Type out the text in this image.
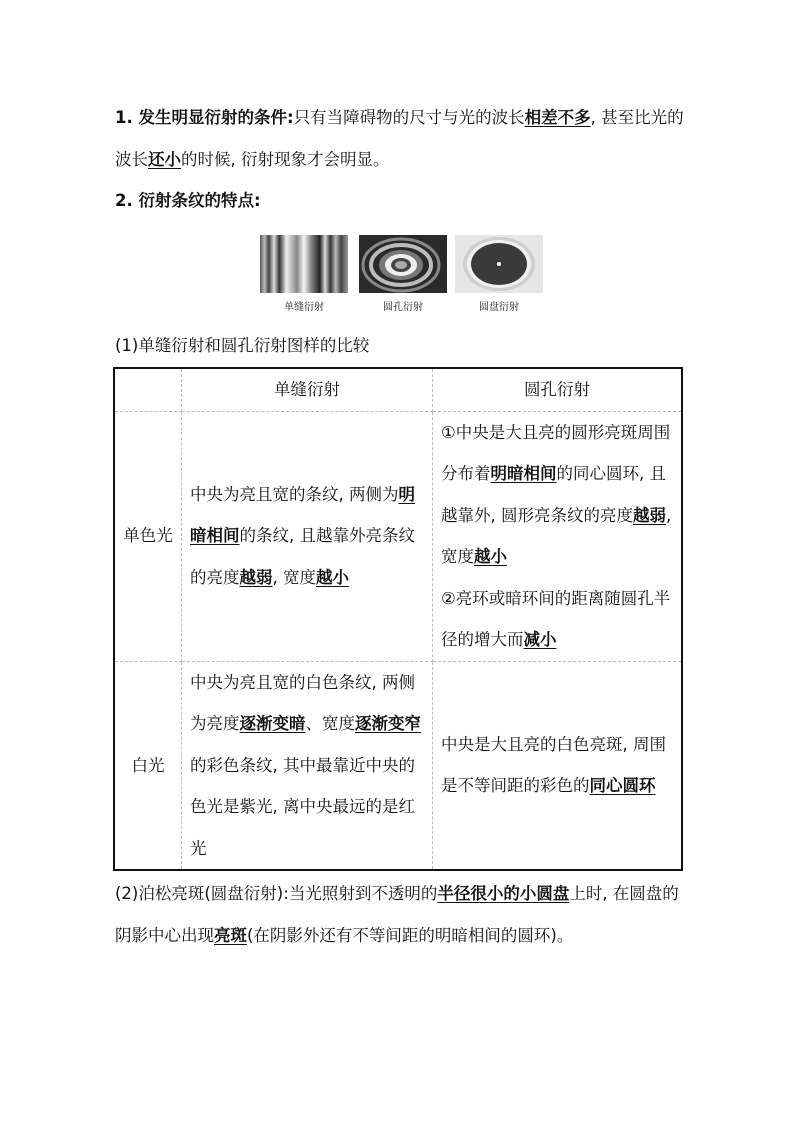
1. 发生明显衍射的条件:只有当障碍物的尺寸与光的波长相差不多, 甚至比光的波长还小的时候, 衍射现象才会明显。

2. 衍射条纹的特点:

单缝衍射	圆孔衍射	圆盘衍射

(1)单缝衍射和圆孔衍射图样的比较

	单缝衍射	圆孔衍射
单色光	中央为亮且宽的条纹, 两侧为明暗相间的条纹, 且越靠外亮条纹的亮度越弱, 宽度越小	①中央是大且亮的圆形亮斑周围分布着明暗相间的同心圆环, 且越靠外, 圆形亮条纹的亮度越弱, 宽度越小
②亮环或暗环间的距离随圆孔半径的增大而减小
白光	中央为亮且宽的白色条纹, 两侧为亮度逐渐变暗、宽度逐渐变窄的彩色条纹, 其中最靠近中央的色光是紫光, 离中央最远的是红光	中央是大且亮的白色亮斑, 周围是不等间距的彩色的同心圆环

(2)泊松亮斑(圆盘衍射):当光照射到不透明的半径很小的小圆盘上时, 在圆盘的阴影中心出现亮斑(在阴影外还有不等间距的明暗相间的圆环)。
